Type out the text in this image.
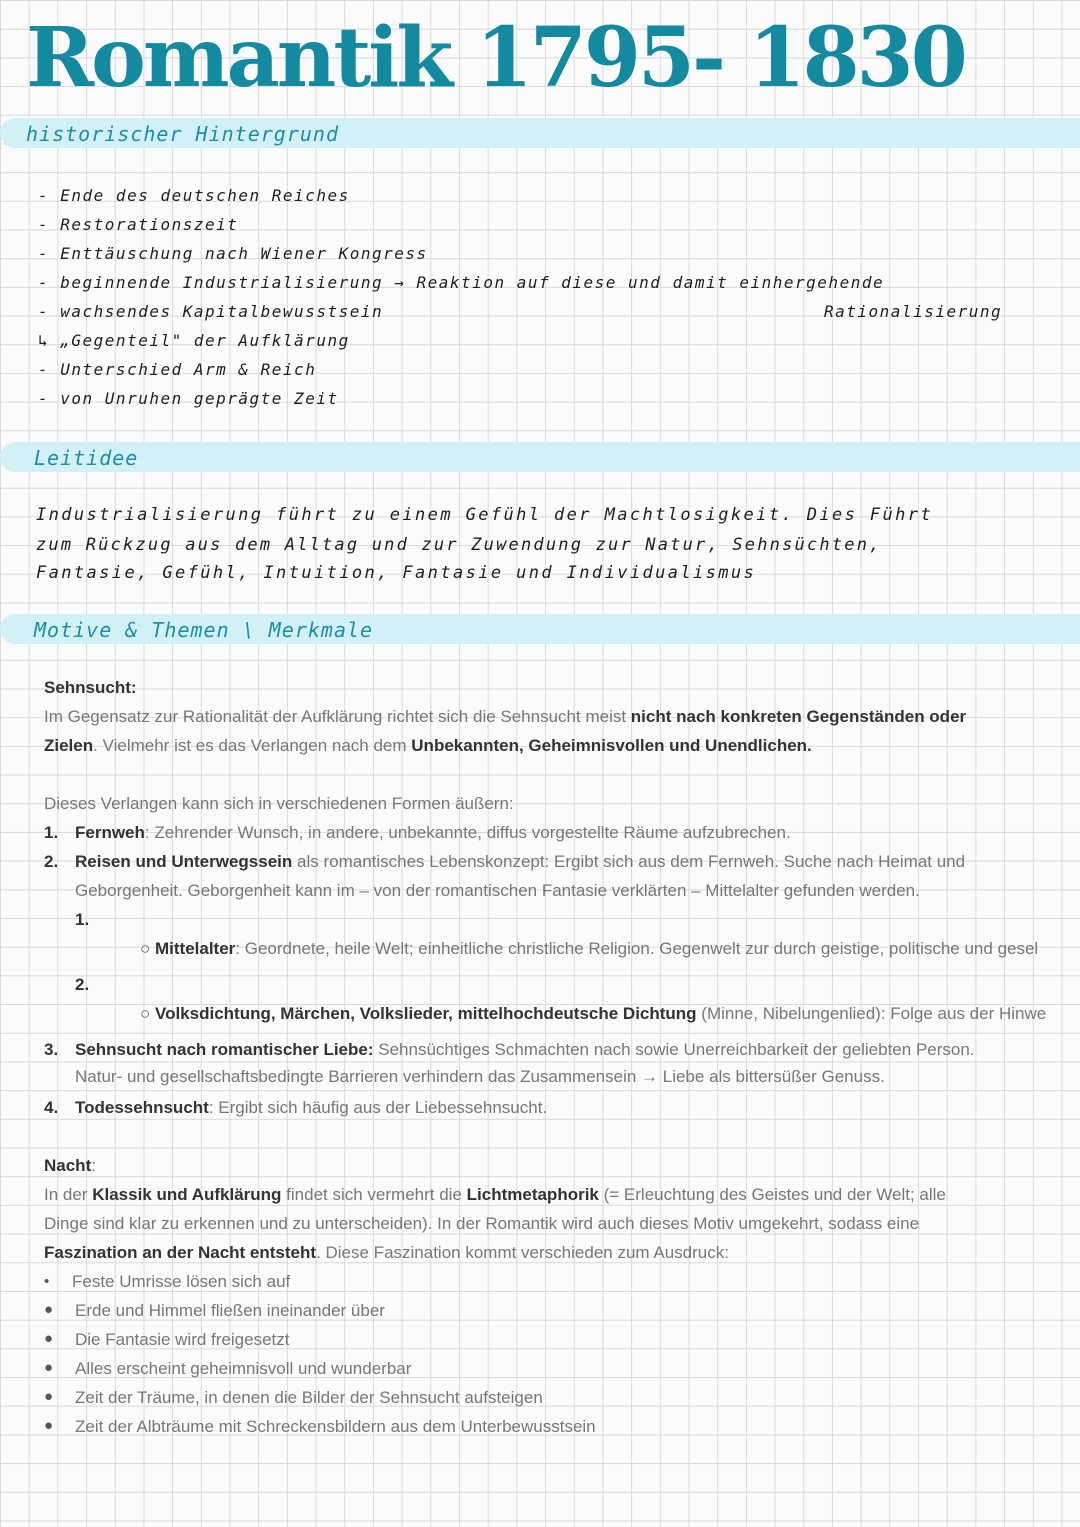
Romantik 1795- 1830
historischer Hintergrund
- Ende des deutschen Reiches
- Restorationszeit
- Enttäuschung nach Wiener Kongress
- beginnende Industrialisierung → Reaktion auf diese und damit einhergehende
- wachsendes Kapitalbewusstsein	Rationalisierung
↳ „Gegenteil" der Aufklärung
- Unterschied Arm & Reich
- von Unruhen geprägte Zeit
Leitidee
Industrialisierung führt zu einem Gefühl der Machtlosigkeit. Dies Führt
zum Rückzug aus dem Alltag und zur Zuwendung zur Natur, Sehnsüchten,
Fantasie, Gefühl, Intuition, Fantasie und Individualismus
Motive & Themen \ Merkmale
Sehnsucht:
Im Gegensatz zur Rationalität der Aufklärung richtet sich die Sehnsucht meist nicht nach konkreten Gegenständen oder
Zielen. Vielmehr ist es das Verlangen nach dem Unbekannten, Geheimnisvollen und Unendlichen.
Dieses Verlangen kann sich in verschiedenen Formen äußern:
1. Fernweh: Zehrender Wunsch, in andere, unbekannte, diffus vorgestellte Räume aufzubrechen.
2. Reisen und Unterwegssein als romantisches Lebenskonzept: Ergibt sich aus dem Fernweh. Suche nach Heimat und
Geborgenheit. Geborgenheit kann im – von der romantischen Fantasie verklärten – Mittelalter gefunden werden.
1.
○ Mittelalter: Geordnete, heile Welt; einheitliche christliche Religion. Gegenwelt zur durch geistige, politische und gesel
2.
○ Volksdichtung, Märchen, Volkslieder, mittelhochdeutsche Dichtung (Minne, Nibelungenlied): Folge aus der Hinwe
3. Sehnsucht nach romantischer Liebe: Sehnsüchtiges Schmachten nach sowie Unerreichbarkeit der geliebten Person.
Natur- und gesellschaftsbedingte Barrieren verhindern das Zusammensein → Liebe als bittersüßer Genuss.
4. Todessehnsucht: Ergibt sich häufig aus der Liebessehnsucht.
Nacht:
In der Klassik und Aufklärung findet sich vermehrt die Lichtmetaphorik (= Erleuchtung des Geistes und der Welt; alle
Dinge sind klar zu erkennen und zu unterscheiden). In der Romantik wird auch dieses Motiv umgekehrt, sodass eine
Faszination an der Nacht entsteht. Diese Faszination kommt verschieden zum Ausdruck:
• Feste Umrisse lösen sich auf
● Erde und Himmel fließen ineinander über
● Die Fantasie wird freigesetzt
● Alles erscheint geheimnisvoll und wunderbar
● Zeit der Träume, in denen die Bilder der Sehnsucht aufsteigen
● Zeit der Albträume mit Schreckensbildern aus dem Unterbewusstsein
